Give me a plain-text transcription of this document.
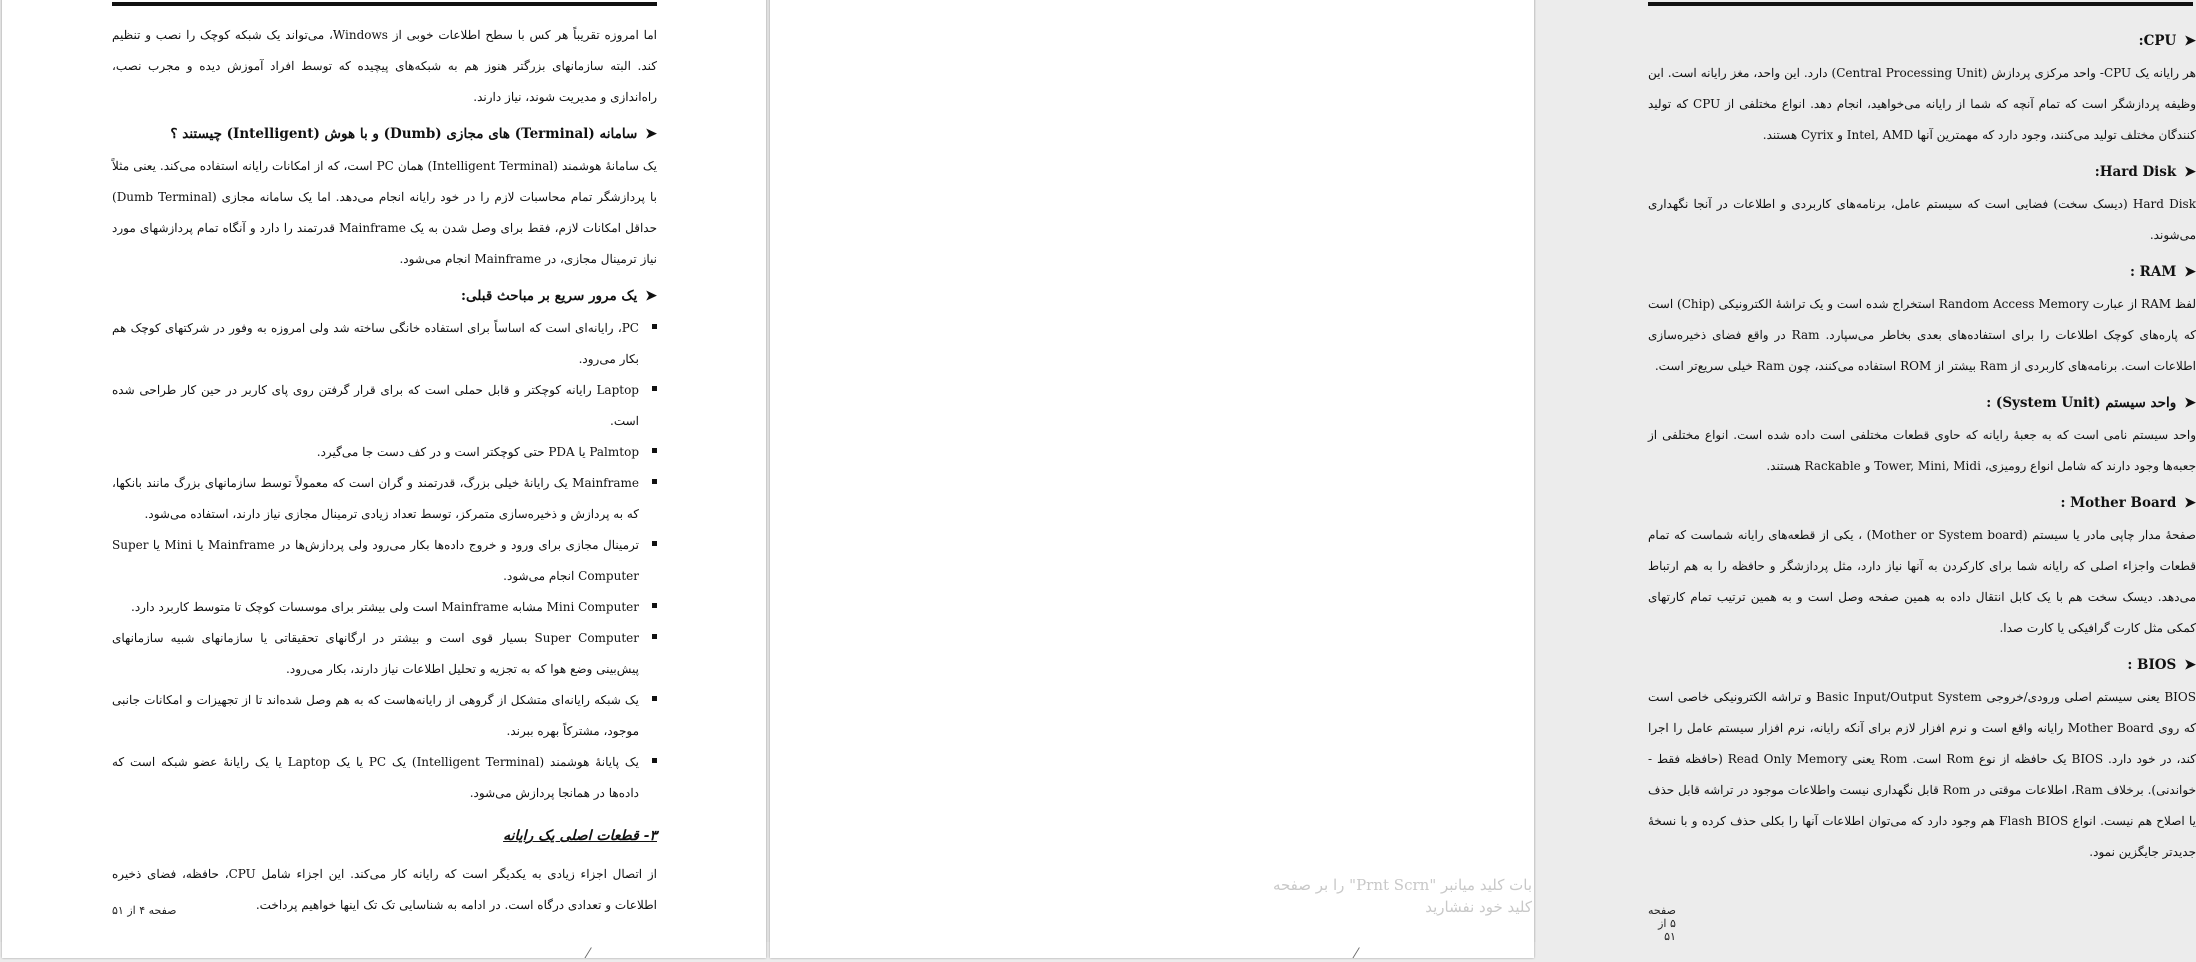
اما امروزه تقریباً هر کس با سطح اطلاعات خوبی از Windows، می‌تواند یک شبکه کوچک را نصب و تنظیم کند. البته سازمانهای بزرگتر هنوز هم به شبکه‌های پیچیده که توسط افراد آموزش دیده و مجرب نصب، راه‌اندازی و مدیریت شوند، نیاز دارند.

➤سامانه (Terminal) های مجازی (Dumb) و با هوش (Intelligent) چیستند ؟

یک سامانهٔ هوشمند (Intelligent Terminal) همان PC است، که از امکانات رایانه استفاده می‌کند. یعنی مثلاً با پردازشگر تمام محاسبات لازم را در خود رایانه انجام می‌دهد. اما یک سامانه مجازی (Dumb Terminal) حداقل امکانات لازم، فقط برای وصل شدن به یک Mainframe قدرتمند را دارد و آنگاه تمام پردازشهای مورد نیاز ترمینال مجازی، در Mainframe انجام می‌شود.

➤یک مرور سریع بر مباحث قبلی:
PC، رایانه‌ای است که اساساً برای استفاده خانگی ساخته شد ولی امروزه به وفور در شرکتهای کوچک هم بکار می‌رود.
Laptop رایانه کوچکتر و قابل حملی است که برای قرار گرفتن روی پای کاربر در حین کار طراحی شده است.
Palmtop یا PDA حتی کوچکتر است و در کف دست جا می‌گیرد.
Mainframe یک رایانهٔ خیلی بزرگ، قدرتمند و گران است که معمولاً توسط سازمانهای بزرگ مانند بانکها، که به پردازش و ذخیره‌سازی متمرکز، توسط تعداد زیادی ترمینال مجازی نیاز دارند، استفاده می‌شود.
ترمینال مجازی برای ورود و خروج داده‌ها بکار می‌رود ولی پردازش‌ها در Mainframe یا Mini یا Super Computer انجام می‌شود.
Mini Computer مشابه Mainframe است ولی بیشتر برای موسسات کوچک تا متوسط کاربرد دارد.
Super Computer بسیار قوی است و بیشتر در ارگانهای تحقیقاتی یا سازمانهای شبیه سازمانهای پیش‌بینی وضع هوا که به تجزیه و تحلیل اطلاعات نیاز دارند، بکار می‌رود.
یک شبکه رایانه‌ای متشکل از گروهی از رایانه‌هاست که به هم وصل شده‌اند تا از تجهیزات و امکانات جانبی موجود، مشترکاً بهره ببرند.
یک پایانهٔ هوشمند (Intelligent Terminal) یک PC یا یک Laptop یا یک رایانهٔ عضو شبکه است که داده‌ها در همانجا پردازش می‌شود.
۳- قطعات اصلی یک رایانه

از اتصال اجزاء زیادی به یکدیگر است که رایانه کار می‌کند. این اجزاء شامل CPU، حافظه، فضای ذخیره اطلاعات و تعدادی درگاه است. در ادامه به شناسایی تک تک اینها خواهیم پرداخت.

صفحه ۴ از ۵۱
⁄
➤CPU:

هر رایانه یک CPU- واحد مرکزی پردازش (Central Processing Unit) دارد. این واحد، مغز رایانه است. این وظیفه پردازشگر است که تمام آنچه که شما از رایانه می‌خواهید، انجام دهد. انواع مختلفی از CPU که تولید کنندگان مختلف تولید می‌کنند، وجود دارد که مهمترین آنها Intel, AMD و Cyrix هستند.

➤Hard Disk:

Hard Disk (دیسک سخت) فضایی است که سیستم عامل، برنامه‌های کاربردی و اطلاعات در آنجا نگهداری می‌شوند.

➤RAM :

لفظ RAM از عبارت Random Access Memory استخراج شده است و یک تراشهٔ الکترونیکی (Chip) است که پاره‌های کوچک اطلاعات را برای استفاده‌های بعدی بخاطر می‌سپارد. Ram در واقع فضای ذخیره‌سازی اطلاعات است. برنامه‌های کاربردی از Ram بیشتر از ROM استفاده می‌کنند، چون Ram خیلی سریع‌تر است.

➤واحد سیستم (System Unit) :

واحد سیستم نامی است که به جعبهٔ رایانه که حاوی قطعات مختلفی است داده شده است. انواع مختلفی از جعبه‌ها وجود دارند که شامل انواع رومیزی، Tower, Mini, Midi و Rackable هستند.

➤Mother Board :

صفحهٔ مدار چاپی مادر یا سیستم (Mother or System board) ، یکی از قطعه‌های رایانه شماست که تمام قطعات واجزاء اصلی که رایانه شما برای کارکردن به آنها نیاز دارد، مثل پردازشگر و حافظه را به هم ارتباط می‌دهد. دیسک سخت هم با یک کابل انتقال داده به همین صفحه وصل است و به همین ترتیب تمام کارتهای کمکی مثل کارت گرافیکی یا کارت صدا.

➤BIOS :

BIOS یعنی سیستم اصلی ورودی/خروجی Basic Input/Output System و تراشه الکترونیکی خاصی است که روی Mother Board رایانه واقع است و نرم افزار لازم برای آنکه رایانه، نرم افزار سیستم عامل را اجرا کند، در خود دارد. BIOS یک حافظه از نوع Rom است. Rom یعنی Read Only Memory (حافظه فقط - خواندنی). برخلاف Ram، اطلاعات موقتی در Rom قابل نگهداری نیست واطلاعات موجود در تراشه قابل حذف یا اصلاح هم نیست. انواع Flash BIOS هم وجود دارد که می‌توان اطلاعات آنها را بکلی حذف کرده و با نسخهٔ جدیدتر جایگزین نمود.

صفحه ۵ از ۵۱
⁄
بات کلید میانبر "Prnt Scrn" را بر صفحه کلید خود نفشارید
